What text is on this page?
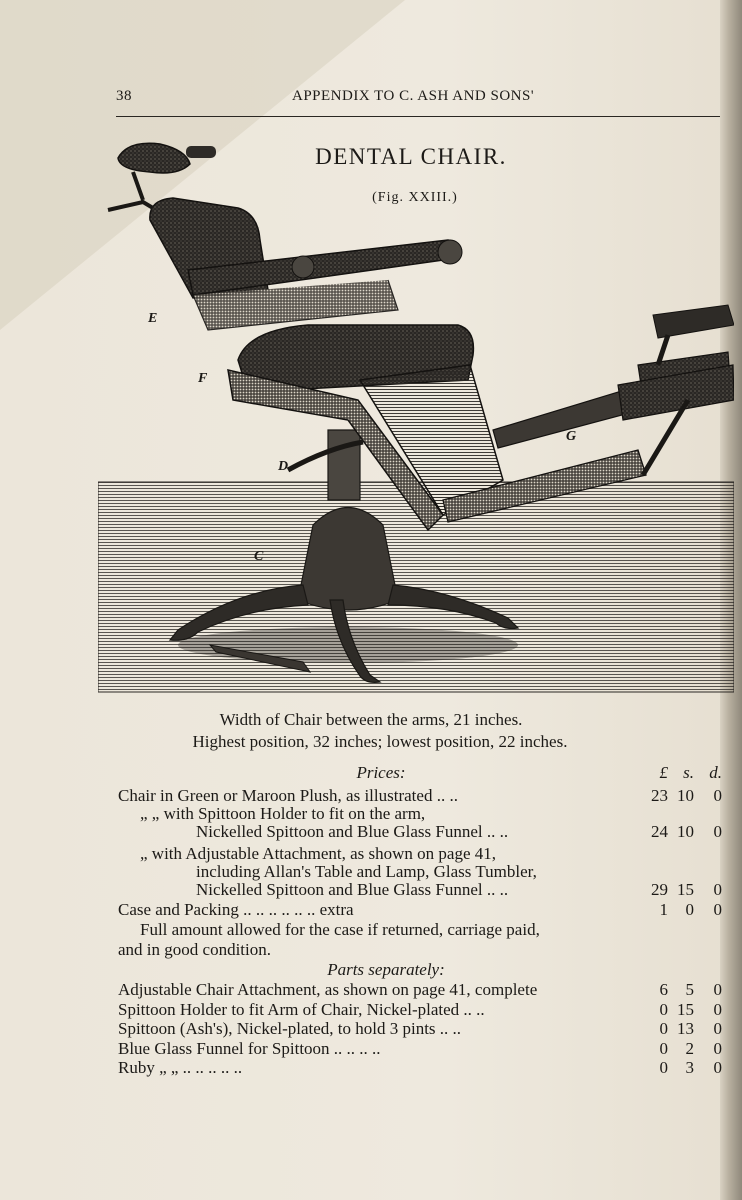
38	APPENDIX TO C. ASH AND SONS'
E
F
D
C
G
DENTAL CHAIR.
(Fig. XXIII.)
Width of Chair between the arms, 21 inches.
Highest position, 32 inches; lowest position, 22 inches.
Prices:	£ s. d.
Chair in Green or Maroon Plush, as illustrated .. ..	23 10	0
„ „ with Spittoon Holder to fit on the arm,
Nickelled Spittoon and Blue Glass Funnel .. ..	24 10	0
„ with Adjustable Attachment, as shown on page 41,
including Allan's Table and Lamp, Glass Tumbler,
Nickelled Spittoon and Blue Glass Funnel .. ..	29 15	0
Case and Packing .. .. .. .. .. .. extra	1	0	0
Full amount allowed for the case if returned, carriage paid,
and in good condition.
Parts separately:
Adjustable Chair Attachment, as shown on page 41, complete	6	5	0
Spittoon Holder to fit Arm of Chair, Nickel-plated .. ..	0 15	0
Spittoon (Ash's), Nickel-plated, to hold 3 pints .. ..	0 13	0
Blue Glass Funnel for Spittoon .. .. .. ..	0	2	0
Ruby „ „ .. .. .. .. ..	0	3	0
